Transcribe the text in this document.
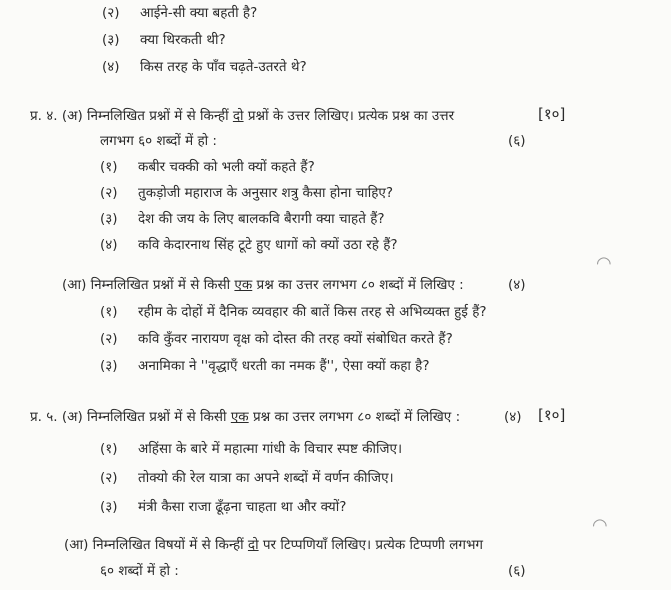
(२) आईने-सी क्या बहती है?
(३) क्या थिरकती थी?
(४) किस तरह के पाँव चढ़ते-उतरते थे?
प्र. ४. (अ) निम्नलिखित प्रश्नों में से किन्हीं दो प्रश्नों के उत्तर लिखिए। प्रत्येक प्रश्न का उत्तर	[१०]
लगभग ६० शब्दों में हो :	(६)
(१) कबीर चक्की को भली क्यों कहते हैं?
(२) तुकड़ोजी महाराज के अनुसार शत्रु कैसा होना चाहिए?
(३) देश की जय के लिए बालकवि बैरागी क्या चाहते हैं?
(४) कवि केदारनाथ सिंह टूटे हुए धागों को क्यों उठा रहे हैं?
(आ) निम्नलिखित प्रश्नों में से किसी एक प्रश्न का उत्तर लगभग ८० शब्दों में लिखिए :	(४)
(१) रहीम के दोहों में दैनिक व्यवहार की बातें किस तरह से अभिव्यक्त हुई हैं?
(२) कवि कुँवर नारायण वृक्ष को दोस्त की तरह क्यों संबोधित करते हैं?
(३) अनामिका ने ''वृद्धाएँ धरती का नमक हैं'', ऐसा क्यों कहा है?
प्र. ५. (अ) निम्नलिखित प्रश्नों में से किसी एक प्रश्न का उत्तर लगभग ८० शब्दों में लिखिए :	(४) [१०]
(१) अहिंसा के बारे में महात्मा गांधी के विचार स्पष्ट कीजिए।
(२) तोक्यो की रेल यात्रा का अपने शब्दों में वर्णन कीजिए।
(३) मंत्री कैसा राजा ढूँढ़ना चाहता था और क्यों?
(आ) निम्नलिखित विषयों में से किन्हीं दो पर टिप्पणियाँ लिखिए। प्रत्येक टिप्पणी लगभग
६० शब्दों में हो :	(६)
◠
◠
